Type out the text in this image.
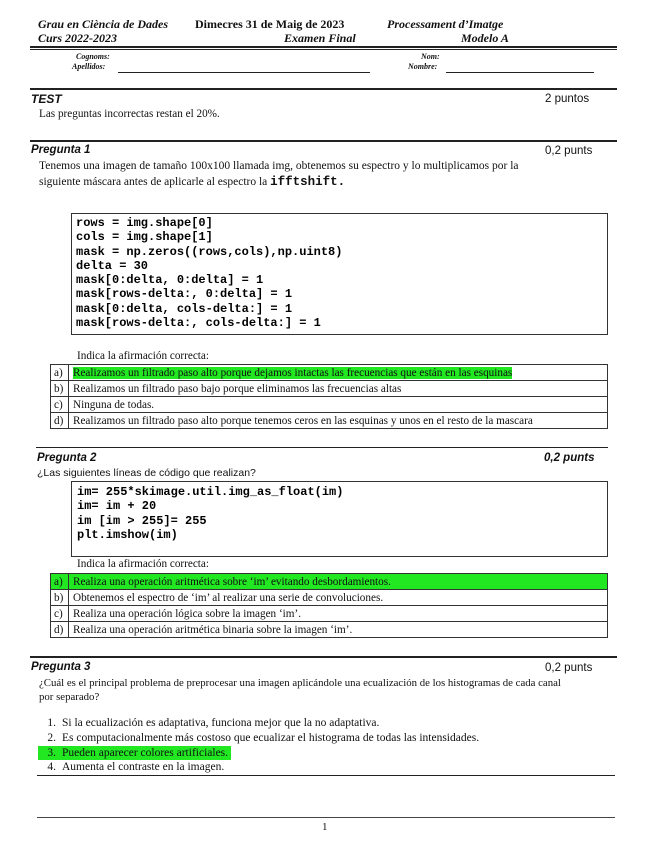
Grau en Ciència de Dades
Curs 2022-2023
Dimecres 31 de Maig de 2023
Examen Final
Processament d’Imatge
Modelo A
Cognoms:
Apellidos:
Nom:
Nombre:
TEST	2 puntos
Las preguntas incorrectas restan el 20%.
Pregunta 1	0,2 punts
Tenemos una imagen de tamaño 100x100 llamada img, obtenemos su espectro y lo multiplicamos por la
siguiente máscara antes de aplicarle al espectro la ifftshift.
rows = img.shape[0]
cols = img.shape[1]
mask = np.zeros((rows,cols),np.uint8)
delta = 30
mask[0:delta, 0:delta] = 1
mask[rows-delta:, 0:delta] = 1
mask[0:delta, cols-delta:] = 1
mask[rows-delta:, cols-delta:] = 1
Indica la afirmación correcta:
a)	Realizamos un filtrado paso alto porque dejamos intactas las frecuencias que están en las esquinas
b)	Realizamos un filtrado paso bajo porque eliminamos las frecuencias altas
c)	Ninguna de todas.
d)	Realizamos un filtrado paso alto porque tenemos ceros en las esquinas y unos en el resto de la mascara
Pregunta 2	0,2 punts
¿Las siguientes líneas de código que realizan?
im= 255*skimage.util.img_as_float(im)
im= im + 20
im [im > 255]= 255
plt.imshow(im)
Indica la afirmación correcta:
a)	Realiza una operación aritmética sobre ‘im’ evitando desbordamientos.
b)	Obtenemos el espectro de ‘im’ al realizar una serie de convoluciones.
c)	Realiza una operación lógica sobre la imagen ‘im’.
d)	Realiza una operación aritmética binaria sobre la imagen ‘im’.
Pregunta 3	0,2 punts
¿Cuál es el principal problema de preprocesar una imagen aplicándole una ecualización de los histogramas de cada canal
por separado?
1. Si la ecualización es adaptativa, funciona mejor que la no adaptativa.
2. Es computacionalmente más costoso que ecualizar el histograma de todas las intensidades.
3. Pueden aparecer colores artificiales.
4. Aumenta el contraste en la imagen.
1
